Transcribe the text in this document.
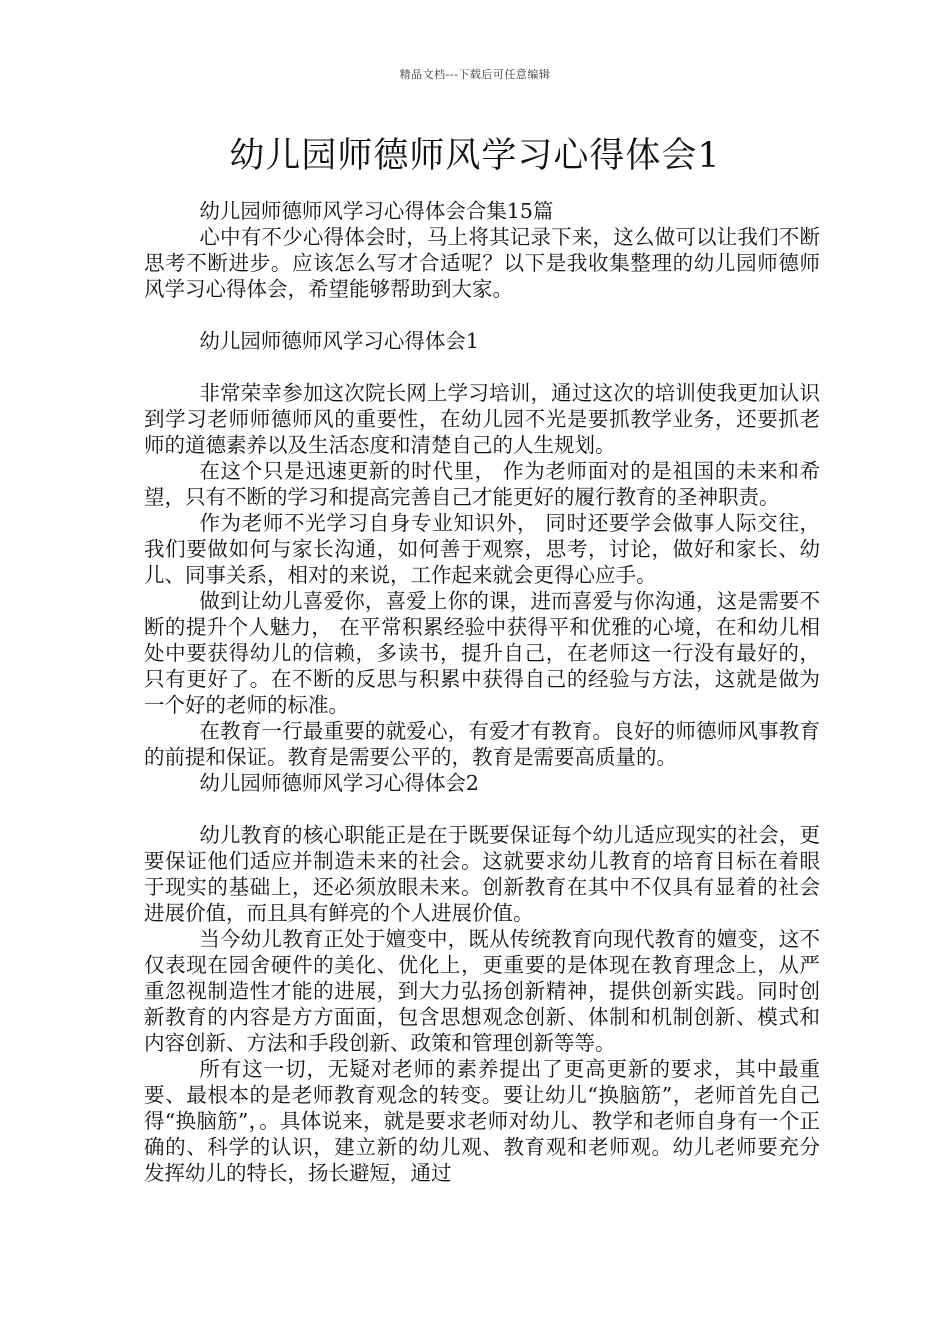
精品文档---下载后可任意编辑
幼儿园师德师风学习心得体会1

幼儿园师德师风学习心得体会合集15篇

心中有不少心得体会时，马上将其记录下来，这么做可以让我们不断思考不断进步。应该怎么写才合适呢？以下是我收集整理的幼儿园师德师风学习心得体会，希望能够帮助到大家。

幼儿园师德师风学习心得体会1

非常荣幸参加这次院长网上学习培训，通过这次的培训使我更加认识到学习老师师德师风的重要性，在幼儿园不光是要抓教学业务，还要抓老师的道德素养以及生活态度和清楚自己的人生规划。

在这个只是迅速更新的时代里， 作为老师面对的是祖国的未来和希望，只有不断的学习和提高完善自己才能更好的履行教育的圣神职责。

作为老师不光学习自身专业知识外， 同时还要学会做事人际交往，我们要做如何与家长沟通，如何善于观察，思考，讨论，做好和家长、幼儿、同事关系，相对的来说，工作起来就会更得心应手。

做到让幼儿喜爱你，喜爱上你的课，进而喜爱与你沟通，这是需要不断的提升个人魅力， 在平常积累经验中获得平和优雅的心境，在和幼儿相处中要获得幼儿的信赖，多读书，提升自己，在老师这一行没有最好的，只有更好了。在不断的反思与积累中获得自己的经验与方法，这就是做为一个好的老师的标准。

在教育一行最重要的就爱心，有爱才有教育。良好的师德师风事教育的前提和保证。教育是需要公平的，教育是需要高质量的。

幼儿园师德师风学习心得体会2

幼儿教育的核心职能正是在于既要保证每个幼儿适应现实的社会，更要保证他们适应并制造未来的社会。这就要求幼儿教育的培育目标在着眼于现实的基础上，还必须放眼未来。创新教育在其中不仅具有显着的社会进展价值，而且具有鲜亮的个人进展价值。

当今幼儿教育正处于嬗变中，既从传统教育向现代教育的嬗变，这不仅表现在园舍硬件的美化、优化上，更重要的是体现在教育理念上，从严重忽视制造性才能的进展，到大力弘扬创新精神，提供创新实践。同时创新教育的内容是方方面面，包含思想观念创新、体制和机制创新、模式和内容创新、方法和手段创新、政策和管理创新等等。

所有这一切，无疑对老师的素养提出了更高更新的要求，其中最重要、最根本的是老师教育观念的转变。要让幼儿“换脑筋”，老师首先自己得“换脑筋”，。具体说来，就是要求老师对幼儿、教学和老师自身有一个正确的、科学的认识，建立新的幼儿观、教育观和老师观。幼儿老师要充分发挥幼儿的特长，扬长避短，通过
